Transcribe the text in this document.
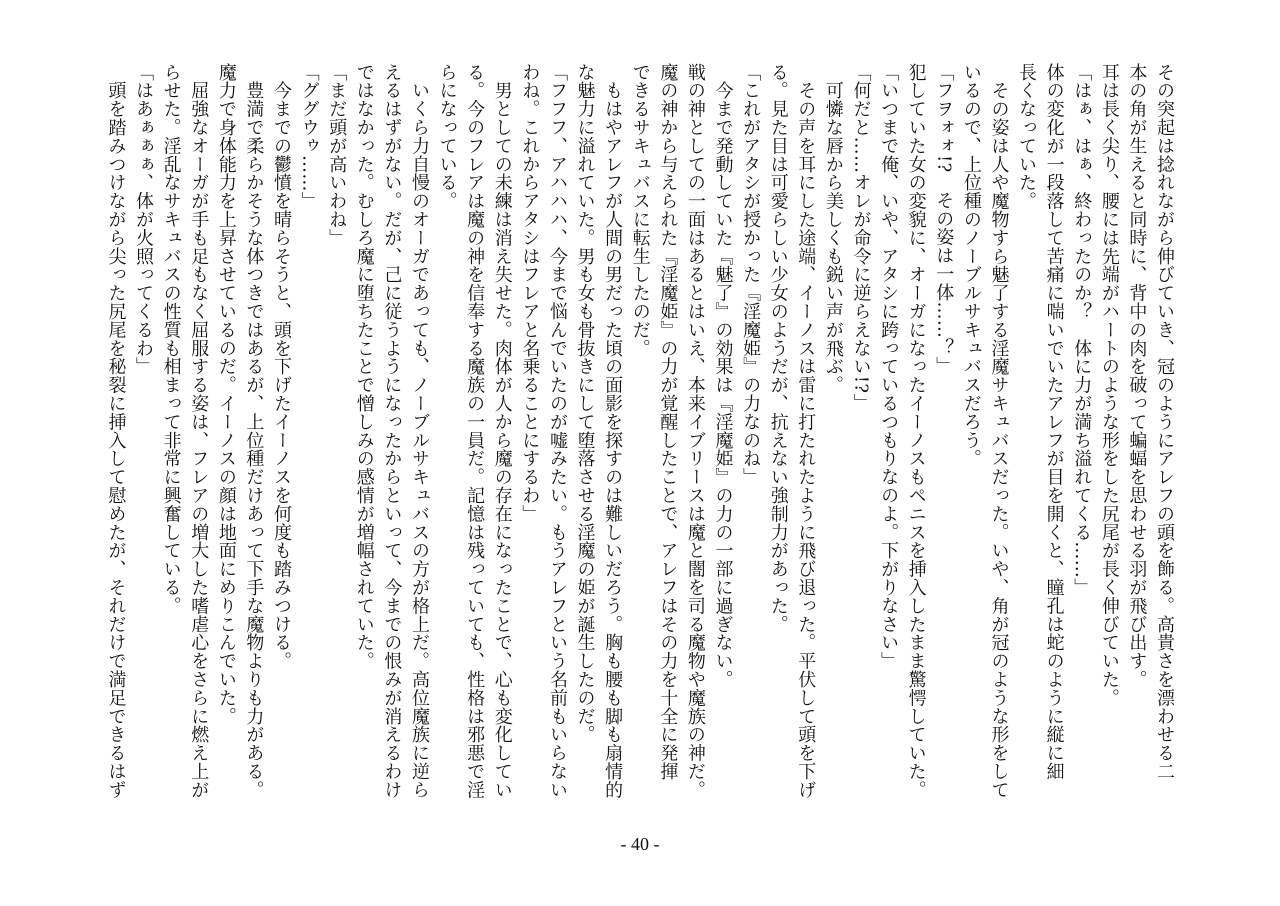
その突起は捻れながら伸びていき、冠のようにアレフの頭を飾る。高貴さを漂わせる二
本の角が生えると同時に、背中の肉を破って蝙蝠を思わせる羽が飛び出す。
耳は長く尖り、腰には先端がハートのような形をした尻尾が長く伸びていた。
「はぁ、はぁ、終わったのか？　体に力が満ち溢れてくる……」
体の変化が一段落して苦痛に喘いでいたアレフが目を開くと、瞳孔は蛇のように縦に細
長くなっていた。
　その姿は人や魔物すら魅了する淫魔サキュバスだった。いや、角が冠のような形をして
いるので、上位種のノーブルサキュバスだろう。
「フヲォォ!?　その姿は一体……？」
犯していた女の変貌に、オーガになったイーノスもペニスを挿入したまま驚愕していた。
「いつまで俺、いや、アタシに跨っているつもりなのよ。下がりなさい」
「何だと……オレが命令に逆らえない!?」
　可憐な唇から美しくも鋭い声が飛ぶ。
　その声を耳にした途端、イーノスは雷に打たれたように飛び退った。平伏して頭を下げ
る。見た目は可愛らしい少女のようだが、抗えない強制力があった。
「これがアタシが授かった『淫魔姫』の力なのね」
　今まで発動していた『魅了』の効果は『淫魔姫』の力の一部に過ぎない。
戦の神としての一面はあるとはいえ、本来イブリースは魔と闇を司る魔物や魔族の神だ。
魔の神から与えられた『淫魔姫』の力が覚醒したことで、アレフはその力を十全に発揮
できるサキュバスに転生したのだ。
　もはやアレフが人間の男だった頃の面影を探すのは難しいだろう。胸も腰も脚も扇情的
な魅力に溢れていた。男も女も骨抜きにして堕落させる淫魔の姫が誕生したのだ。
「フフフ、アハハハ、今まで悩んでいたのが嘘みたい。もうアレフという名前もいらない
わね。これからアタシはフレアと名乗ることにするわ」
　男としての未練は消え失せた。肉体が人から魔の存在になったことで、心も変化してい
る。今のフレアは魔の神を信奉する魔族の一員だ。記憶は残っていても、性格は邪悪で淫
らになっている。
　いくら力自慢のオーガであっても、ノーブルサキュバスの方が格上だ。高位魔族に逆ら
えるはずがない。だが、己に従うようになったからといって、今までの恨みが消えるわけ
ではなかった。むしろ魔に堕ちたことで憎しみの感情が増幅されていた。
「まだ頭が高いわね」
「ググウゥ……」
　今までの鬱憤を晴らそうと、頭を下げたイーノスを何度も踏みつける。
　豊満で柔らかそうな体つきではあるが、上位種だけあって下手な魔物よりも力がある。
魔力で身体能力を上昇させているのだ。イーノスの顔は地面にめりこんでいた。
　屈強なオーガが手も足もなく屈服する姿は、フレアの増大した嗜虐心をさらに燃え上が
らせた。淫乱なサキュバスの性質も相まって非常に興奮している。
「はあぁぁぁ、体が火照ってくるわ」
　頭を踏みつけながら尖った尻尾を秘裂に挿入して慰めたが、それだけで満足できるはず
- 40 -
